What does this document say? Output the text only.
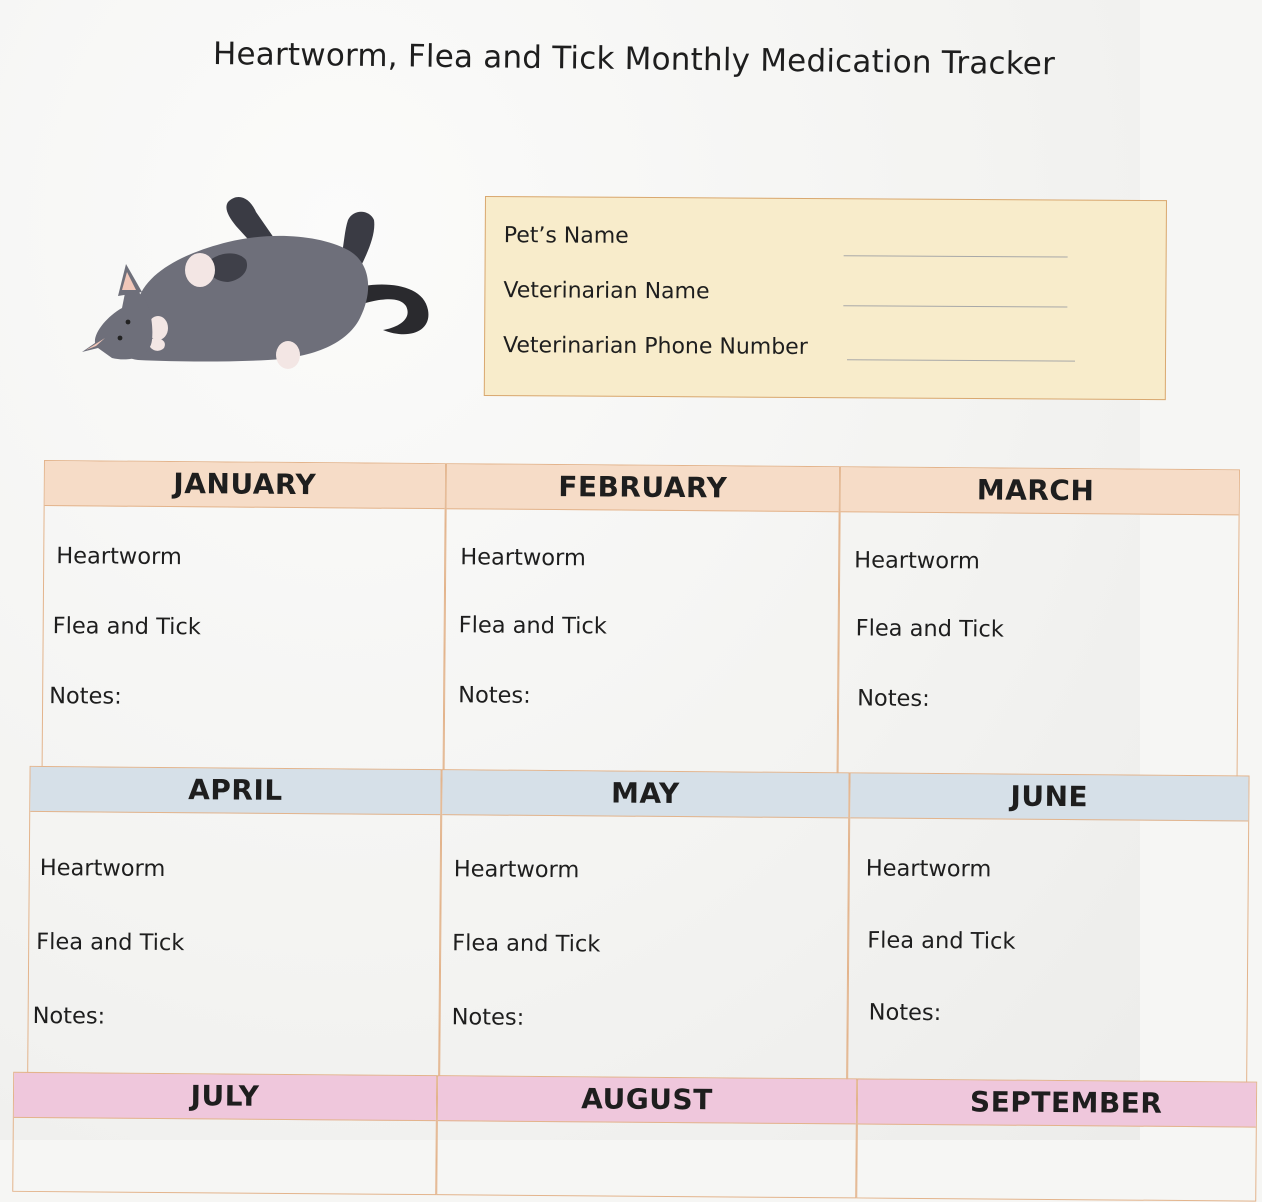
Heartworm, Flea and Tick Monthly Medication Tracker
Pet’s Name
Veterinarian Name
Veterinarian Phone Number
JANUARY
Heartworm
Flea and Tick
Notes:
FEBRUARY
Heartworm
Flea and Tick
Notes:
MARCH
Heartworm
Flea and Tick
Notes:
APRIL
Heartworm
Flea and Tick
Notes:
MAY
Heartworm
Flea and Tick
Notes:
JUNE
Heartworm
Flea and Tick
Notes:
JULY	AUGUST	SEPTEMBER
